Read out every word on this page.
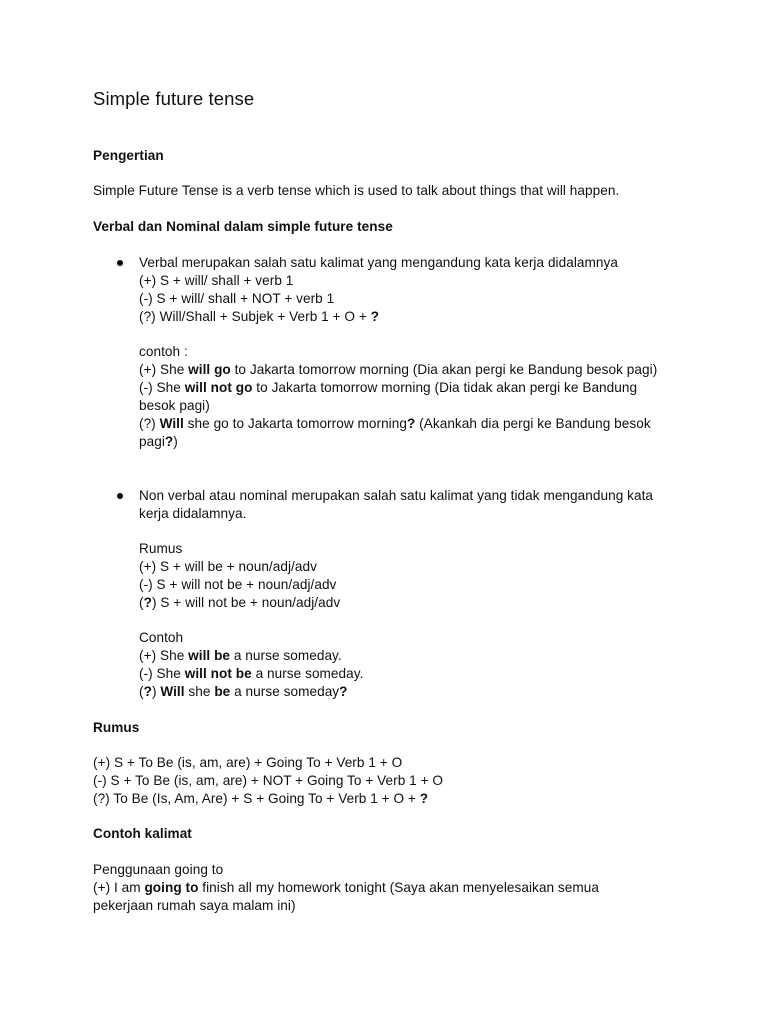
Simple future tense
Pengertian
Simple Future Tense is a verb tense which is used to talk about things that will happen.
Verbal dan Nominal dalam simple future tense
Verbal merupakan salah satu kalimat yang mengandung kata kerja didalamnya
(+) S + will/ shall + verb 1
(-) S + will/ shall + NOT + verb 1
(?) Will/Shall + Subjek + Verb 1 + O + ?
contoh :
(+) She will go to Jakarta tomorrow morning (Dia akan pergi ke Bandung besok pagi)
(-) She will not go to Jakarta tomorrow morning (Dia tidak akan pergi ke Bandung
besok pagi)
(?) Will she go to Jakarta tomorrow morning? (Akankah dia pergi ke Bandung besok
pagi?)
Non verbal atau nominal merupakan salah satu kalimat yang tidak mengandung kata
kerja didalamnya.
Rumus
(+) S + will be + noun/adj/adv
(-) S + will not be + noun/adj/adv
(?) S + will not be + noun/adj/adv
Contoh
(+) She will be a nurse someday.
(-) She will not be a nurse someday.
(?) Will she be a nurse someday?
Rumus
(+) S + To Be (is, am, are) + Going To + Verb 1 + O
(-) S + To Be (is, am, are) + NOT + Going To + Verb 1 + O
(?) To Be (Is, Am, Are) + S + Going To + Verb 1 + O + ?
Contoh kalimat
Penggunaan going to
(+) I am going to finish all my homework tonight (Saya akan menyelesaikan semua
pekerjaan rumah saya malam ini)
